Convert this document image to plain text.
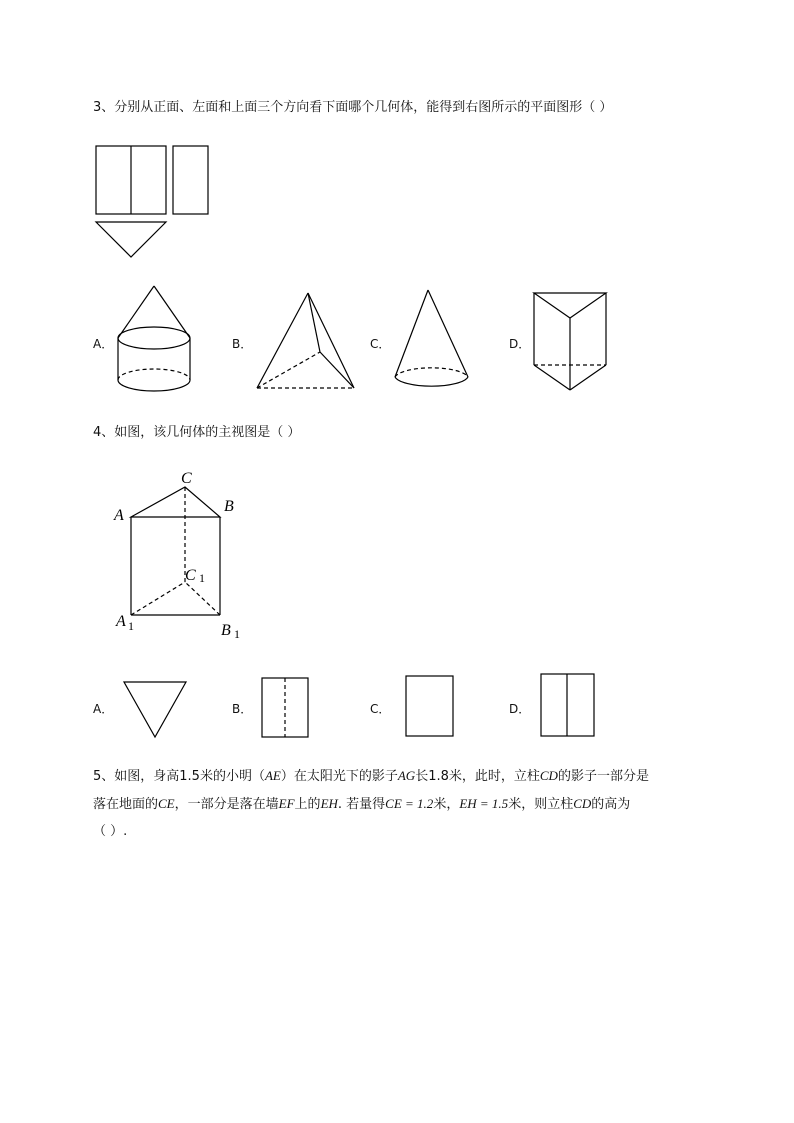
3、分别从正面、左面和上面三个方向看下面哪个几何体，能得到右图所示的平面图形（ ）
C
A
B
C 1
A 1	B 1
A．	B．	C．	D．
4、如图，该几何体的主视图是（ ）
A．	B．	C．	D．
5、如图，身高1.5米的小明（AE）在太阳光下的影子AG长1.8米，此时，立柱CD的影子一部分是
落在地面的CE，一部分是落在墙EF上的EH. 若量得CE = 1.2米，EH = 1.5米，则立柱CD的高为
（ ）.
